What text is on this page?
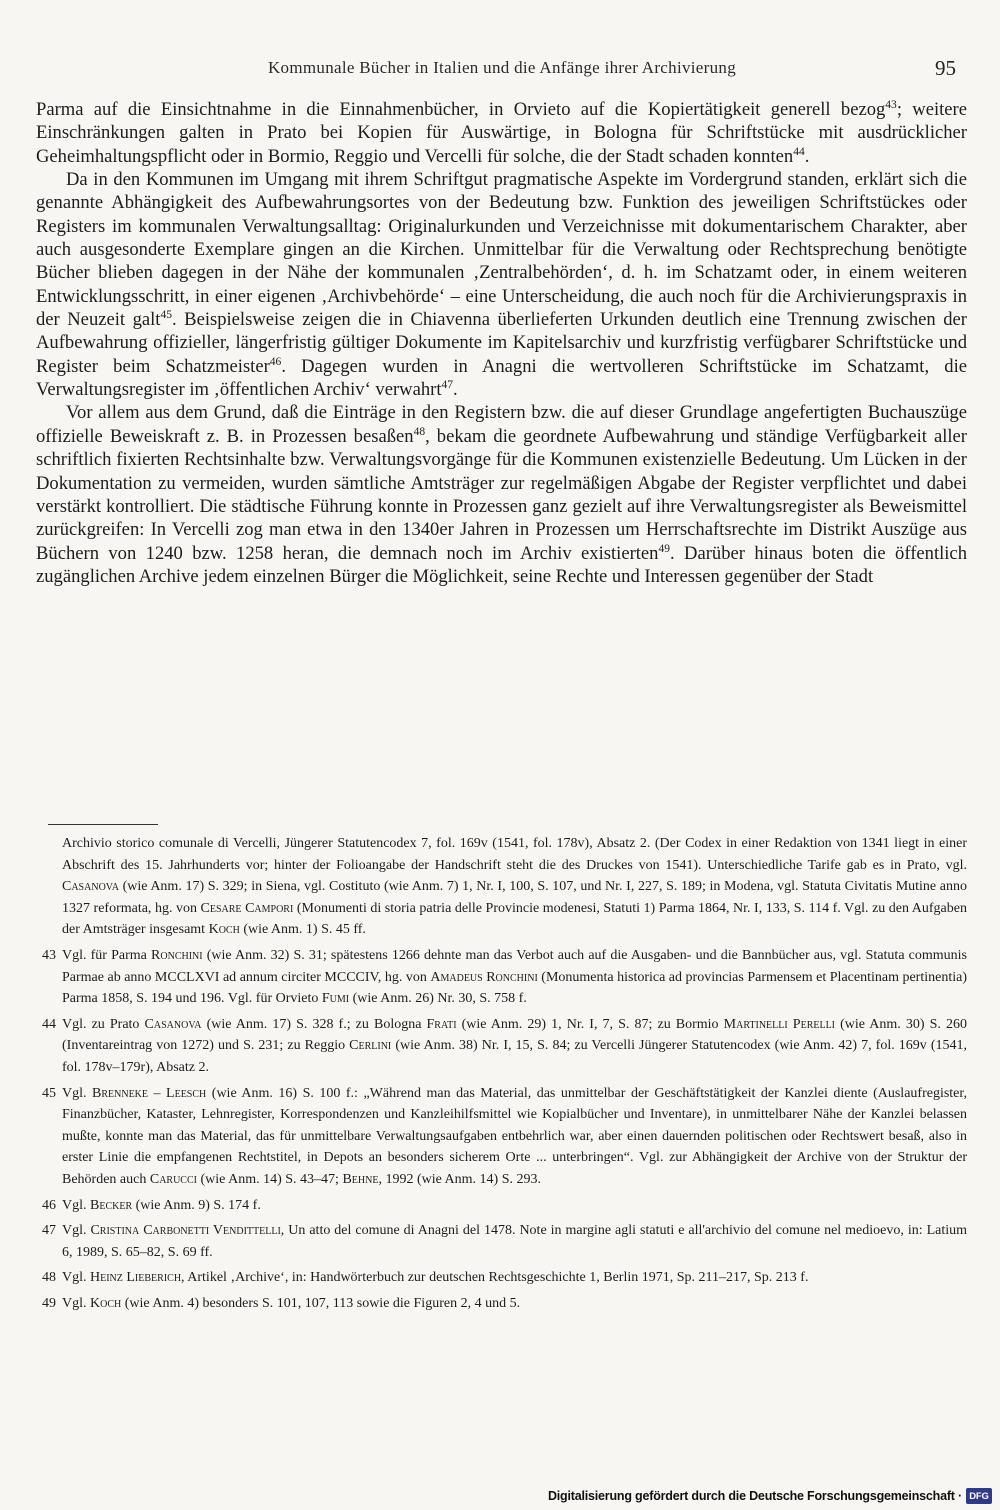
Kommunale Bücher in Italien und die Anfänge ihrer Archivierung	95

Parma auf die Einsichtnahme in die Einnahmenbücher, in Orvieto auf die Kopiertätigkeit generell bezog$^{43}$; weitere Einschränkungen galten in Prato bei Kopien für Auswärtige, in Bologna für Schriftstücke mit ausdrücklicher Geheimhaltungspflicht oder in Bormio, Reggio und Vercelli für solche, die der Stadt schaden konnten$^{44}$.

Da in den Kommunen im Umgang mit ihrem Schriftgut pragmatische Aspekte im Vordergrund standen, erklärt sich die genannte Abhängigkeit des Aufbewahrungsortes von der Bedeutung bzw. Funktion des jeweiligen Schriftstückes oder Registers im kommunalen Verwaltungsalltag: Originalurkunden und Verzeichnisse mit dokumentarischem Charakter, aber auch ausgesonderte Exemplare gingen an die Kirchen. Unmittelbar für die Verwaltung oder Rechtsprechung benötigte Bücher blieben dagegen in der Nähe der kommunalen ‚Zentralbehörden‘, d. h. im Schatzamt oder, in einem weiteren Entwicklungsschritt, in einer eigenen ‚Archivbehörde‘ – eine Unterscheidung, die auch noch für die Archivierungspraxis in der Neuzeit galt$^{45}$. Beispielsweise zeigen die in Chiavenna überlieferten Urkunden deutlich eine Trennung zwischen der Aufbewahrung offizieller, längerfristig gültiger Dokumente im Kapitelsarchiv und kurzfristig verfügbarer Schriftstücke und Register beim Schatzmeister$^{46}$. Dagegen wurden in Anagni die wertvolleren Schriftstücke im Schatzamt, die Verwaltungsregister im ‚öffentlichen Archiv‘ verwahrt$^{47}$.

Vor allem aus dem Grund, daß die Einträge in den Registern bzw. die auf dieser Grundlage angefertigten Buchauszüge offizielle Beweiskraft z. B. in Prozessen besaßen$^{48}$, bekam die geordnete Aufbewahrung und ständige Verfügbarkeit aller schriftlich fixierten Rechtsinhalte bzw. Verwaltungsvorgänge für die Kommunen existenzielle Bedeutung. Um Lücken in der Dokumentation zu vermeiden, wurden sämtliche Amtsträger zur regelmäßigen Abgabe der Register verpflichtet und dabei verstärkt kontrolliert. Die städtische Führung konnte in Prozessen ganz gezielt auf ihre Verwaltungsregister als Beweismittel zurückgreifen: In Vercelli zog man etwa in den 1340er Jahren in Prozessen um Herrschaftsrechte im Distrikt Auszüge aus Büchern von 1240 bzw. 1258 heran, die demnach noch im Archiv existierten$^{49}$. Darüber hinaus boten die öffentlich zugänglichen Archive jedem einzelnen Bürger die Möglichkeit, seine Rechte und Interessen gegenüber der Stadt

Archivio storico comunale di Vercelli, Jüngerer Statutencodex 7, fol. 169v (1541, fol. 178v), Absatz 2. (Der Codex in einer Redaktion von 1341 liegt in einer Abschrift des 15. Jahrhunderts vor; hinter der Folioangabe der Handschrift steht die des Druckes von 1541). Unterschiedliche Tarife gab es in Prato, vgl. Casanova (wie Anm. 17) S. 329; in Siena, vgl. Costituto (wie Anm. 7) 1, Nr. I, 100, S. 107, und Nr. I, 227, S. 189; in Modena, vgl. Statuta Civitatis Mutine anno 1327 reformata, hg. von Cesare Campori (Monumenti di storia patria delle Provincie modenesi, Statuti 1) Parma 1864, Nr. I, 133, S. 114 f. Vgl. zu den Aufgaben der Amtsträger insgesamt Koch (wie Anm. 1) S. 45 ff.
43 Vgl. für Parma Ronchini (wie Anm. 32) S. 31; spätestens 1266 dehnte man das Verbot auch auf die Ausgaben- und die Bannbücher aus, vgl. Statuta communis Parmae ab anno MCCLXVI ad annum circiter MCCCIV, hg. von Amadeus Ronchini (Monumenta historica ad provincias Parmensem et Placentinam pertinentia) Parma 1858, S. 194 und 196. Vgl. für Orvieto Fumi (wie Anm. 26) Nr. 30, S. 758 f.
44 Vgl. zu Prato Casanova (wie Anm. 17) S. 328 f.; zu Bologna Frati (wie Anm. 29) 1, Nr. I, 7, S. 87; zu Bormio Martinelli Perelli (wie Anm. 30) S. 260 (Inventareintrag von 1272) und S. 231; zu Reggio Cerlini (wie Anm. 38) Nr. I, 15, S. 84; zu Vercelli Jüngerer Statutencodex (wie Anm. 42) 7, fol. 169v (1541, fol. 178v–179r), Absatz 2.
45 Vgl. Brenneke – Leesch (wie Anm. 16) S. 100 f.: „Während man das Material, das unmittelbar der Geschäftstätigkeit der Kanzlei diente (Auslaufregister, Finanzbücher, Kataster, Lehnregister, Korrespondenzen und Kanzleihilfsmittel wie Kopialbücher und Inventare), in unmittelbarer Nähe der Kanzlei belassen mußte, konnte man das Material, das für unmittelbare Verwaltungsaufgaben entbehrlich war, aber einen dauernden politischen oder Rechtswert besaß, also in erster Linie die empfangenen Rechtstitel, in Depots an besonders sicherem Orte ... unterbringen“. Vgl. zur Abhängigkeit der Archive von der Struktur der Behörden auch Carucci (wie Anm. 14) S. 43–47; Behne, 1992 (wie Anm. 14) S. 293.
46 Vgl. Becker (wie Anm. 9) S. 174 f.
47 Vgl. Cristina Carbonetti Vendittelli, Un atto del comune di Anagni del 1478. Note in margine agli statuti e all'archivio del comune nel medioevo, in: Latium 6, 1989, S. 65–82, S. 69 ff.
48 Vgl. Heinz Lieberich, Artikel ‚Archive‘, in: Handwörterbuch zur deutschen Rechtsgeschichte 1, Berlin 1971, Sp. 211–217, Sp. 213 f.
49 Vgl. Koch (wie Anm. 4) besonders S. 101, 107, 113 sowie die Figuren 2, 4 und 5.
Digitalisierung gefördert durch die Deutsche Forschungsgemeinschaft · DFG
